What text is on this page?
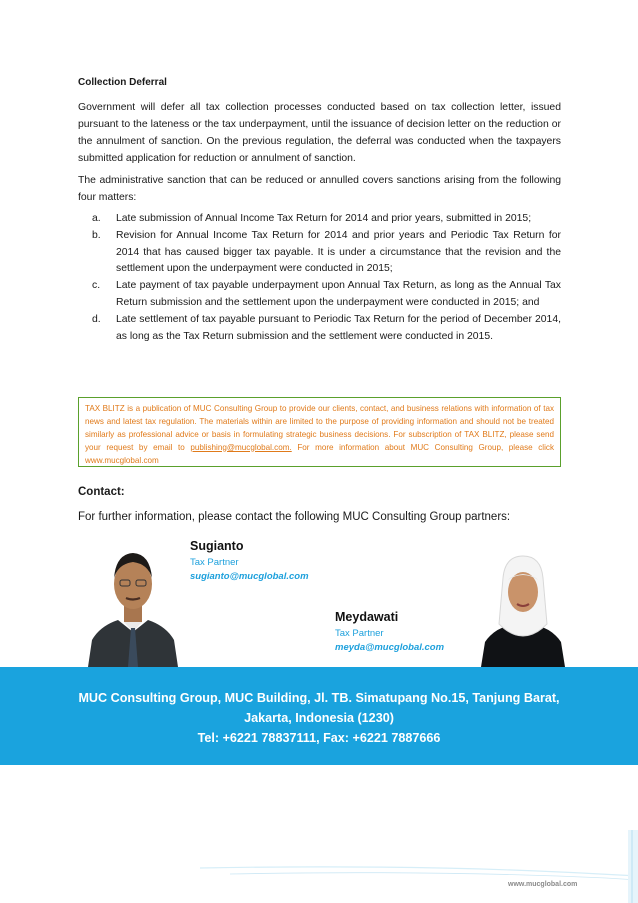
Collection Deferral
Government will defer all tax collection processes conducted based on tax collection letter, issued pursuant to the lateness or the tax underpayment, until the issuance of decision letter on the reduction or the annulment of sanction. On the previous regulation, the deferral was conducted when the taxpayers submitted application for reduction or annulment of sanction.
The administrative sanction that can be reduced or annulled covers sanctions arising from the following four matters:
a. Late submission of Annual Income Tax Return for 2014 and prior years, submitted in 2015;
b. Revision for Annual Income Tax Return for 2014 and prior years and Periodic Tax Return for 2014 that has caused bigger tax payable. It is under a circumstance that the revision and the settlement upon the underpayment were conducted in 2015;
c. Late payment of tax payable underpayment upon Annual Tax Return, as long as the Annual Tax Return submission and the settlement upon the underpayment were conducted in 2015; and
d. Late settlement of tax payable pursuant to Periodic Tax Return for the period of December 2014, as long as the Tax Return submission and the settlement were conducted in 2015.
TAX BLITZ is a publication of MUC Consulting Group to provide our clients, contact, and business relations with information of tax news and latest tax regulation. The materials within are limited to the purpose of providing information and should not be treated similarly as professional advice or basis in formulating strategic business decisions. For subscription of TAX BLITZ, please send your request by email to publishing@mucglobal.com. For more information about MUC Consulting Group, please click www.mucglobal.com
Contact:
For further information, please contact the following MUC Consulting Group partners:
Sugianto
Tax Partner
sugianto@mucglobal.com
Meydawati
Tax Partner
meyda@mucglobal.com
MUC Consulting Group, MUC Building, Jl. TB. Simatupang No.15, Tanjung Barat,
Jakarta, Indonesia (1230)
Tel: +6221 78837111, Fax: +6221 7887666
www.mucglobal.com
